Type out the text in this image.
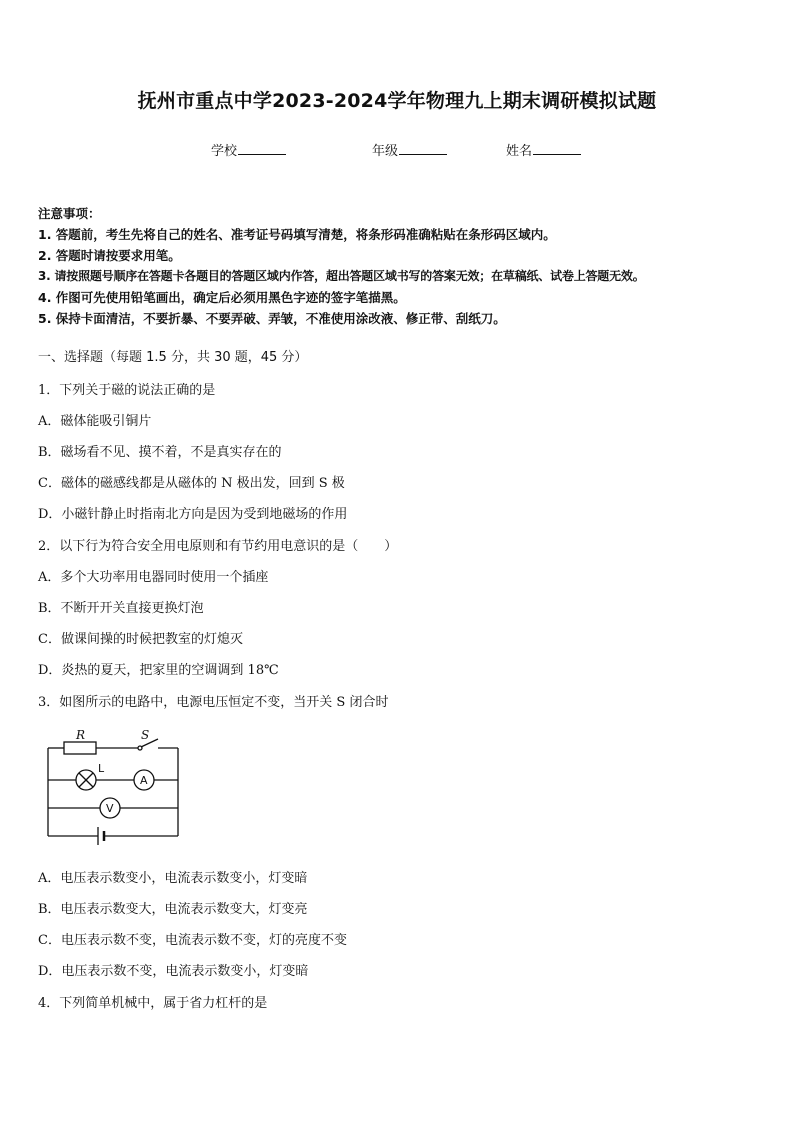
抚州市重点中学2023-2024学年物理九上期末调研模拟试题
学校	年级	姓名
注意事项：
1. 答题前，考生先将自己的姓名、准考证号码填写清楚，将条形码准确粘贴在条形码区域内。
2. 答题时请按要求用笔。
3. 请按照题号顺序在答题卡各题目的答题区域内作答，超出答题区域书写的答案无效；在草稿纸、试卷上答题无效。
4. 作图可先使用铅笔画出，确定后必须用黑色字迹的签字笔描黑。
5. 保持卡面清洁，不要折暴、不要弄破、弄皱，不准使用涂改液、修正带、刮纸刀。
一、选择题（每题 1.5 分，共 30 题，45 分）
1．下列关于磁的说法正确的是
A．磁体能吸引铜片
B．磁场看不见、摸不着，不是真实存在的
C．磁体的磁感线都是从磁体的 N 极出发，回到 S 极
D．小磁针静止时指南北方向是因为受到地磁场的作用
2．以下行为符合安全用电原则和有节约用电意识的是（　　）
A．多个大功率用电器同时使用一个插座
B．不断开开关直接更换灯泡
C．做课间操的时候把教室的灯熄灭
D．炎热的夏天，把家里的空调调到 18℃
3．如图所示的电路中，电源电压恒定不变，当开关 S 闭合时
R	S
L
A
V
A．电压表示数变小，电流表示数变小，灯变暗
B．电压表示数变大，电流表示数变大，灯变亮
C．电压表示数不变，电流表示数不变，灯的亮度不变
D．电压表示数不变，电流表示数变小，灯变暗
4．下列简单机械中，属于省力杠杆的是
